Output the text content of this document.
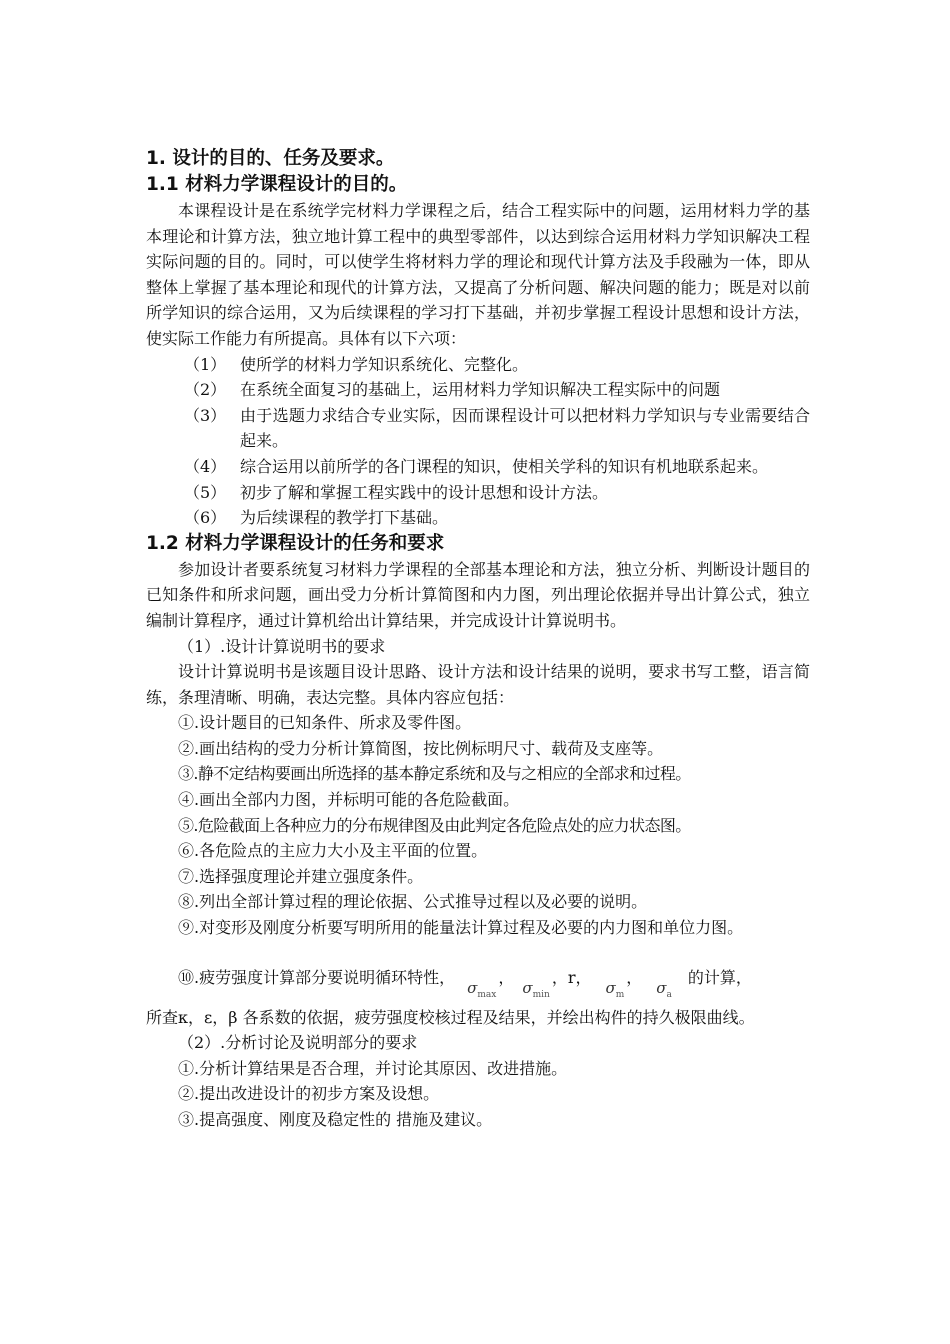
1. 设计的目的、任务及要求。

1.1 材料力学课程设计的目的。

本课程设计是在系统学完材料力学课程之后，结合工程实际中的问题，运用材料力学的基本理论和计算方法，独立地计算工程中的典型零部件，以达到综合运用材料力学知识解决工程实际问题的目的。同时，可以使学生将材料力学的理论和现代计算方法及手段融为一体，即从整体上掌握了基本理论和现代的计算方法，又提高了分析问题、解决问题的能力；既是对以前所学知识的综合运用，又为后续课程的学习打下基础，并初步掌握工程设计思想和设计方法，使实际工作能力有所提高。具体有以下六项：

（1） 使所学的材料力学知识系统化、完整化。
（2） 在系统全面复习的基础上，运用材料力学知识解决工程实际中的问题
（3） 由于选题力求结合专业实际，因而课程设计可以把材料力学知识与专业需要结合起来。
（4） 综合运用以前所学的各门课程的知识，使相关学科的知识有机地联系起来。
（5） 初步了解和掌握工程实践中的设计思想和设计方法。
（6） 为后续课程的教学打下基础。

1.2 材料力学课程设计的任务和要求

参加设计者要系统复习材料力学课程的全部基本理论和方法，独立分析、判断设计题目的已知条件和所求问题，画出受力分析计算简图和内力图，列出理论依据并导出计算公式，独立编制计算程序，通过计算机给出计算结果，并完成设计计算说明书。

（1）.设计计算说明书的要求

设计计算说明书是该题目设计思路、设计方法和设计结果的说明，要求书写工整，语言简练，条理清晰、明确，表达完整。具体内容应包括：

①.设计题目的已知条件、所求及零件图。

②.画出结构的受力分析计算简图，按比例标明尺寸、载荷及支座等。

③.静不定结构要画出所选择的基本静定系统和及与之相应的全部求和过程。

④.画出全部内力图，并标明可能的各危险截面。

⑤.危险截面上各种应力的分布规律图及由此判定各危险点处的应力状态图。

⑥.各危险点的主应力大小及主平面的位置。

⑦.选择强度理论并建立强度条件。

⑧.列出全部计算过程的理论依据、公式推导过程以及必要的说明。

⑨.对变形及刚度分析要写明所用的能量法计算过程及必要的内力图和单位力图。

⑩.疲劳强度计算部分要说明循环特性，
$\sigma_{max}$
，
$\sigma_{min}$
，r，
$\sigma_m$
，
$\sigma_a$
的计算，

所查κ，ε，β 各系数的依据，疲劳强度校核过程及结果，并绘出构件的持久极限曲线。

（2）.分析讨论及说明部分的要求

①.分析计算结果是否合理，并讨论其原因、改进措施。

②.提出改进设计的初步方案及设想。

③.提高强度、刚度及稳定性的 措施及建议。
